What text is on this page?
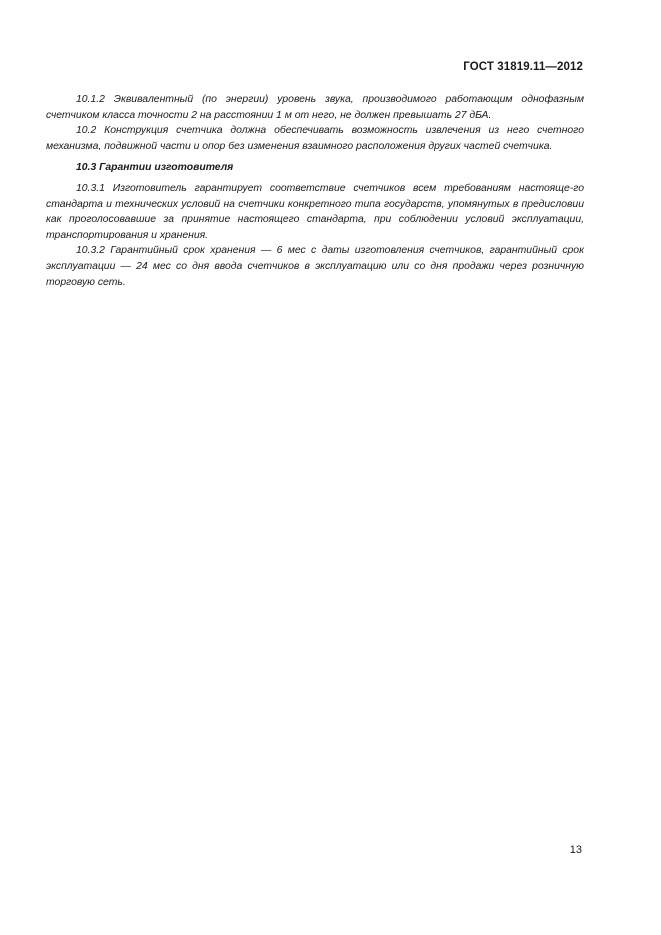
ГОСТ 31819.11—2012

10.1.2 Эквивалентный (по энергии) уровень звука, производимого работающим однофазным счетчиком класса точности 2 на расстоянии 1 м от него, не должен превышать 27 дБА.

10.2 Конструкция счетчика должна обеспечивать возможность извлечения из него счетного механизма, подвижной части и опор без изменения взаимного расположения других частей счетчика.

10.3 Гарантии изготовителя

10.3.1 Изготовитель гарантирует соответствие счетчиков всем требованиям настояще-го стандарта и технических условий на счетчики конкретного типа государств, упомянутых в предисловии как проголосовавшие за принятие настоящего стандарта, при соблюдении условий эксплуатации, транспортирования и хранения.

10.3.2 Гарантийный срок хранения — 6 мес с даты изготовления счетчиков, гарантийный срок эксплуатации — 24 мес со дня ввода счетчиков в эксплуатацию или со дня продажи через розничную торговую сеть.

13
